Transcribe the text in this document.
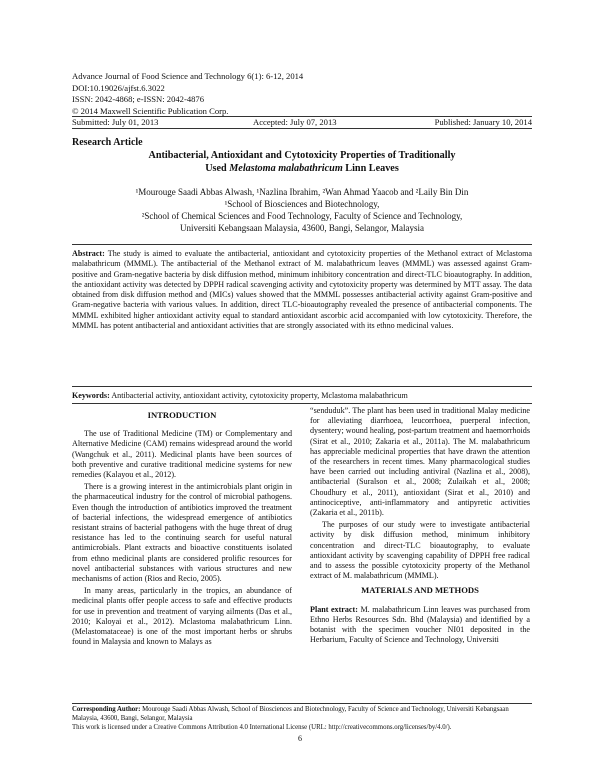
Advance Journal of Food Science and Technology 6(1): 6-12, 2014
DOI:10.19026/ajfst.6.3022
ISSN: 2042-4868; e-ISSN: 2042-4876
© 2014 Maxwell Scientific Publication Corp.
Submitted: July 01, 2013	Accepted: July 07, 2013	Published: January 10, 2014
Research Article
Antibacterial, Antioxidant and Cytotoxicity Properties of Traditionally
Used Melastoma malabathricum Linn Leaves
¹Mourouge Saadi Abbas Alwash, ¹Nazlina Ibrahim, ²Wan Ahmad Yaacob and ²Laily Bin Din
¹School of Biosciences and Biotechnology,
²School of Chemical Sciences and Food Technology, Faculty of Science and Technology,
Universiti Kebangsaan Malaysia, 43600, Bangi, Selangor, Malaysia
Abstract: The study is aimed to evaluate the antibacterial, antioxidant and cytotoxicity properties of the Methanol extract of Mclastoma malabathricum (MMML). The antibacterial of the Methanol extract of M. malabathricum leaves (MMML) was assessed against Gram-positive and Gram-negative bacteria by disk diffusion method, minimum inhibitory concentration and direct-TLC bioautography. In addition, the antioxidant activity was detected by DPPH radical scavenging activity and cytotoxicity property was determined by MTT assay. The data obtained from disk diffusion method and (MICs) values showed that the MMML possesses antibacterial activity against Gram-positive and Gram-negative bacteria with various values. In addition, direct TLC-bioautography revealed the presence of antibacterial components. The MMML exhibited higher antioxidant activity equal to standard antioxidant ascorbic acid accompanied with low cytotoxicity. Therefore, the MMML has potent antibacterial and antioxidant activities that are strongly associated with its ethno medicinal values.
Keywords: Antibacterial activity, antioxidant activity, cytotoxicity property, Mclastoma malabathricum
INTRODUCTION

The use of Traditional Medicine (TM) or Complementary and Alternative Medicine (CAM) remains widespread around the world (Wangchuk et al., 2011). Medicinal plants have been sources of both preventive and curative traditional medicine systems for new remedies (Kalayou et al., 2012).

There is a growing interest in the antimicrobials plant origin in the pharmaceutical industry for the control of microbial pathogens. Even though the introduction of antibiotics improved the treatment of bacterial infections, the widespread emergence of antibiotics resistant strains of bacterial pathogens with the huge threat of drug resistance has led to the continuing search for useful natural antimicrobials. Plant extracts and bioactive constituents isolated from ethno medicinal plants are considered prolific resources for novel antibacterial substances with various structures and new mechanisms of action (Rios and Recio, 2005).

In many areas, particularly in the tropics, an abundance of medicinal plants offer people access to safe and effective products for use in prevention and treatment of varying ailments (Das et al., 2010; Kaloyai et al., 2012). Mclastoma malabathricum Linn. (Melastomataceae) is one of the most important herbs or shrubs found in Malaysia and known to Malays as

“senduduk”. The plant has been used in traditional Malay medicine for alleviating diarrhoea, leucorrhoea, puerperal infection, dysentery; wound healing, post-partum treatment and haemorrhoids (Sirat et al., 2010; Zakaria et al., 2011a). The M. malabathricum has appreciable medicinal properties that have drawn the attention of the researchers in recent times. Many pharmacological studies have been carried out including antiviral (Nazlina et al., 2008), antibacterial (Suralson et al., 2008; Zulaikah et al., 2008; Choudhury et al., 2011), antioxidant (Sirat et al., 2010) and antinociceptive, anti-inflammatory and antipyretic activities (Zakaria et al., 2011b).

The purposes of our study were to investigate antibacterial activity by disk diffusion method, minimum inhibitory concentration and direct-TLC bioautography, to evaluate antioxidant activity by scavenging capability of DPPH free radical and to assess the possible cytotoxicity property of the Methanol extract of M. malabathricum (MMML).

MATERIALS AND METHODS

Plant extract: M. malabathricum Linn leaves was purchased from Ethno Herbs Resources Sdn. Bhd (Malaysia) and identified by a botanist with the specimen voucher NI01 deposited in the Herbarium, Faculty of Science and Technology, Universiti

Corresponding Author: Mourouge Saadi Abbas Alwash, School of Biosciences and Biotechnology, Faculty of Science and Technology, Universiti Kebangsaan Malaysia, 43600, Bangi, Selangor, Malaysia
This work is licensed under a Creative Commons Attribution 4.0 International License (URL: http://creativecommons.org/licenses/by/4.0/).
6
